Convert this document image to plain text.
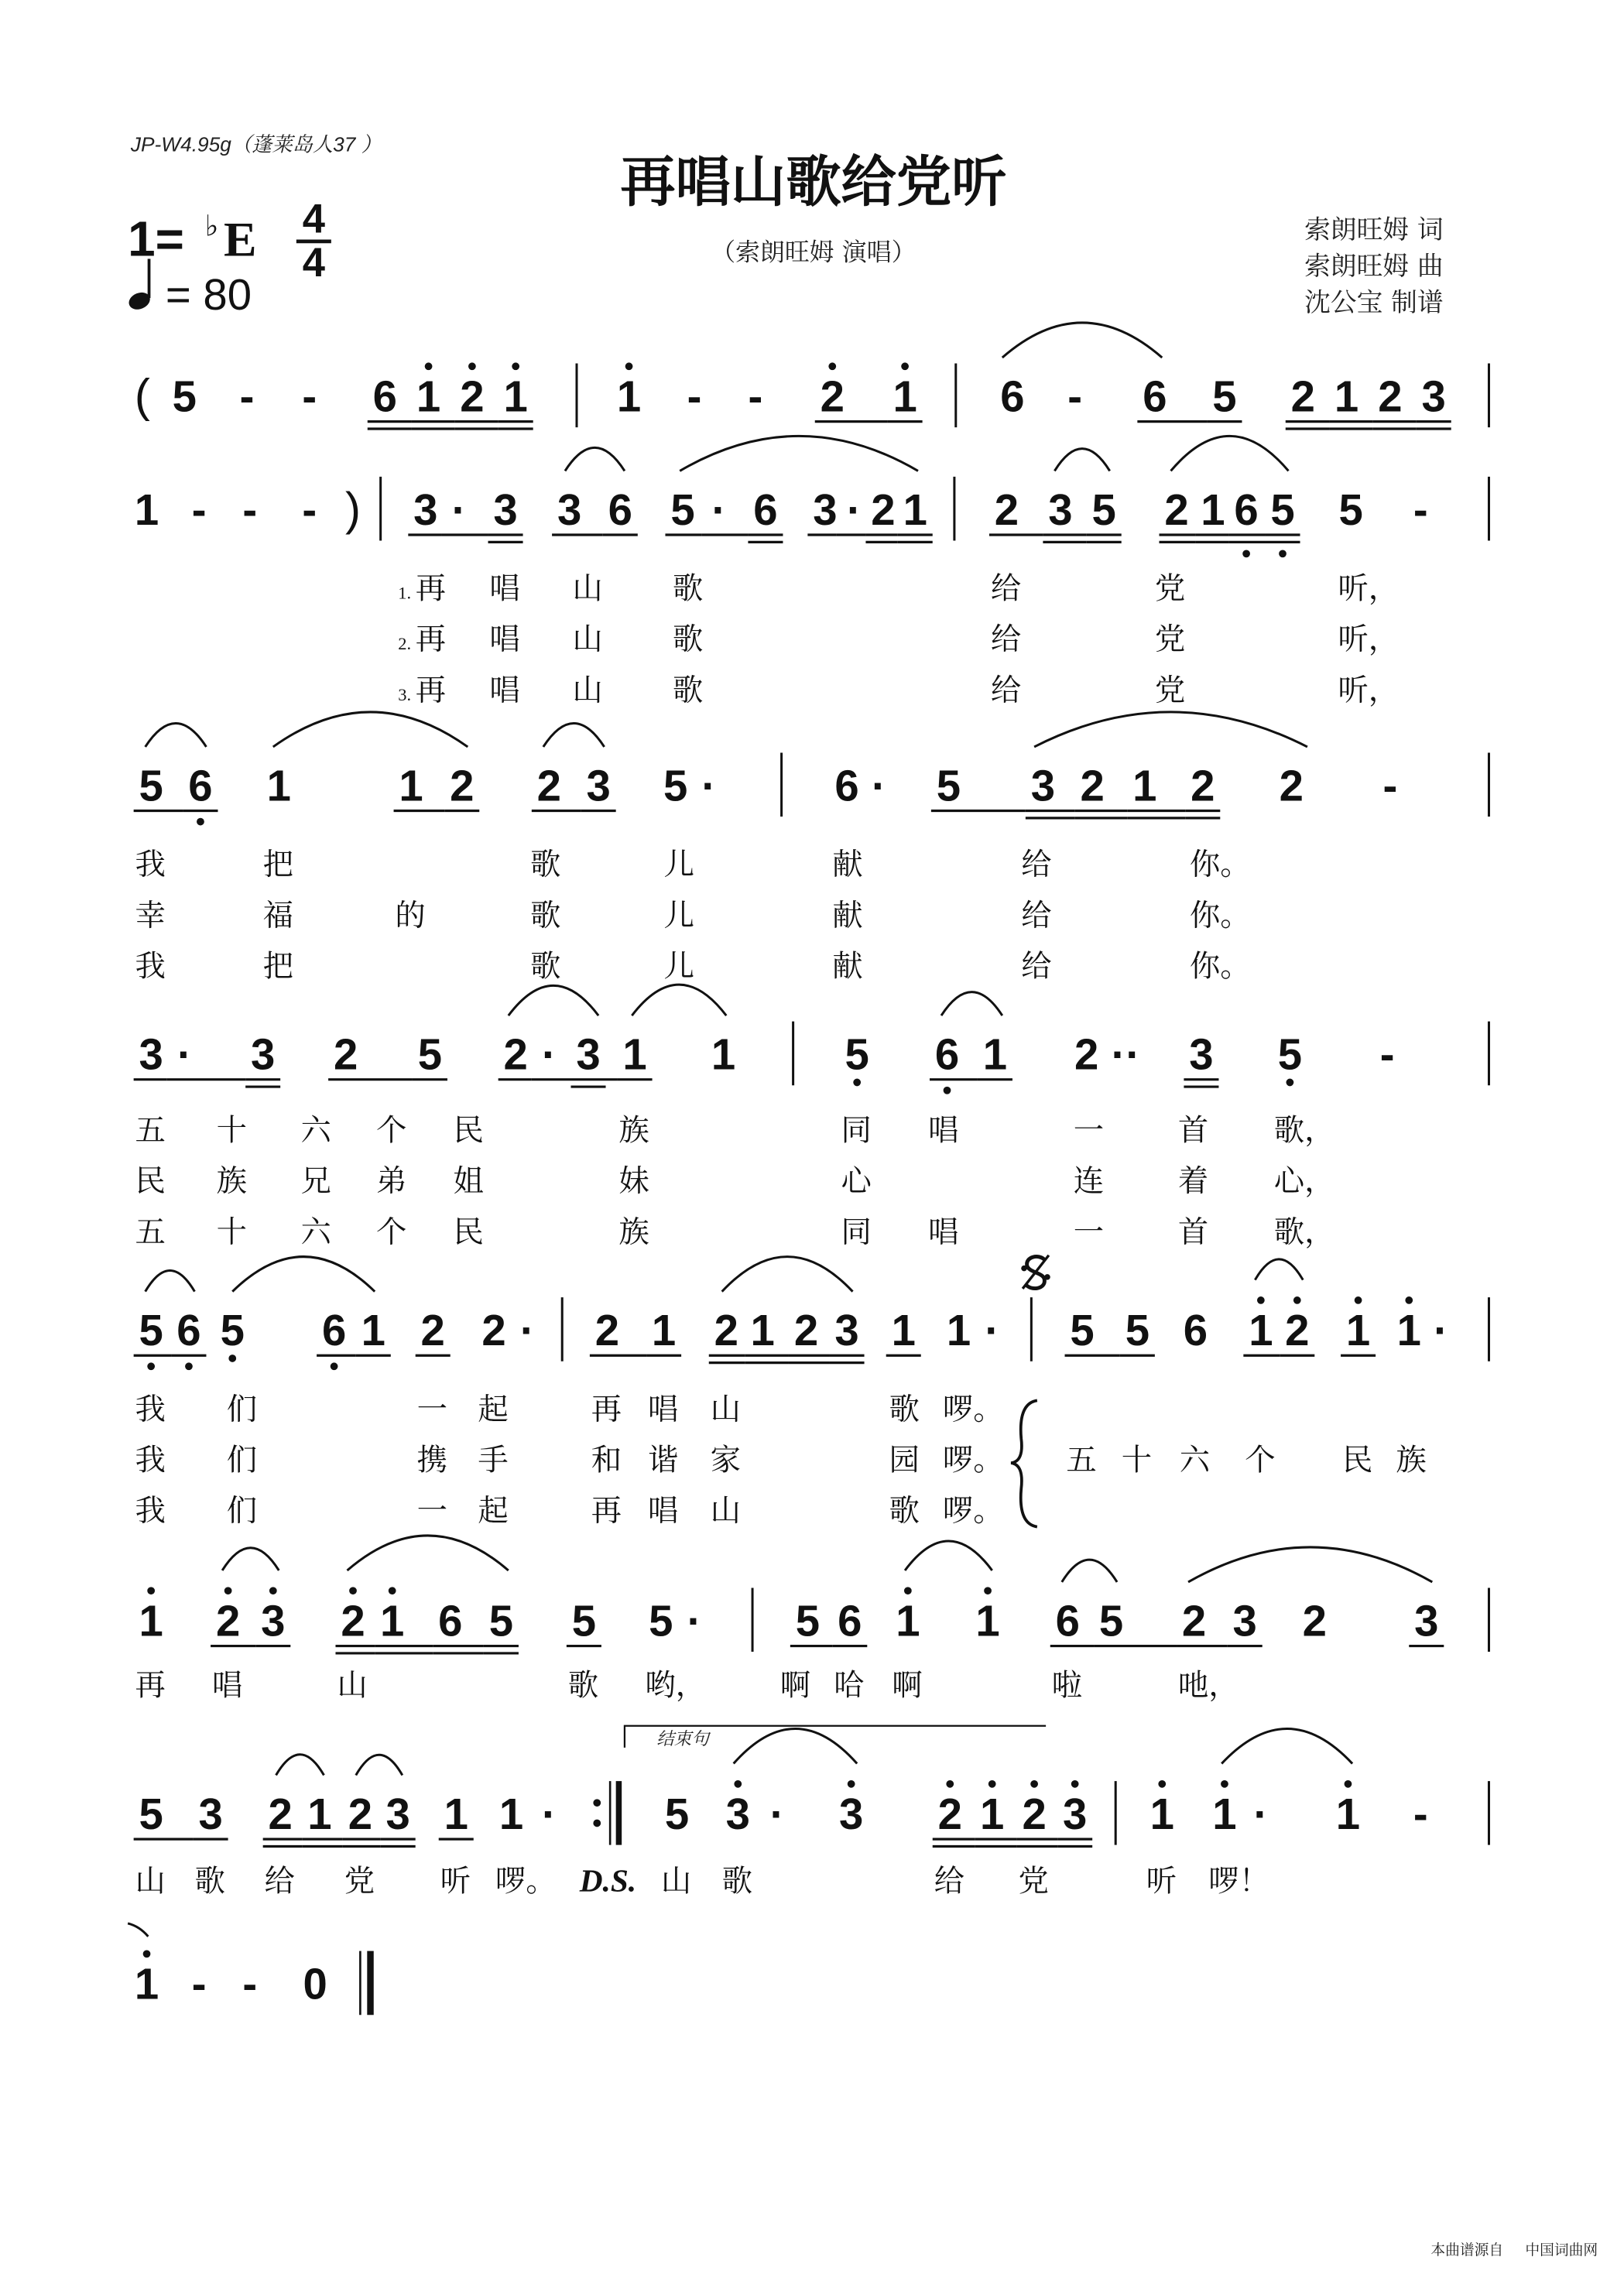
JP-W4.95g（蓬莱岛人37 ）
再唱山歌给党听
（索朗旺姆 演唱）
1= ♭ E 4
4
= 80
索朗旺姆 词
索朗旺姆 曲
沈公宝 制谱
结束句
( 5 - - 6 1 2 1	1 - - 2 1	6 -	6 5 2 1 2 3
1 - - - ) 3 · 3 3 6 5 · 6 3 · 2 1	2 3 5 2 1 6 5 5 -
1. 再	唱	山	歌	给	党	听，
2. 再	唱	山	歌	给	党	听，
3. 再	唱	山	歌	给	党	听，
5 6 1	1 2	2 3 5 ·	6 · 5	3 2 1 2	2	-
我	把	歌	儿	献	给	你。
幸	福	的	歌	儿	献	给	你。
我	把	歌	儿	献	给	你。
3 ·	3	2	5	2 · 3 1	1	5	6 1	2 ·· 3	5	-
五	十	六	个	民	族	同	唱	一	首	歌，
民	族	兄	弟	姐	妹	心	连	着	心，
五	十	六	个	民	族	同	唱	一	首	歌，
5 6 5	6 1 2 2 ·	2 1 2 1 2 3 1 1 ·	5 5 6 1 2 1 1 ·
我	们	一 起	再 唱 山	歌 啰。
我	们	携 手	和 谐 家	园 啰。
我	们	一 起	再 唱 山	歌 啰。
五 十 六 个	民 族
1 2 3 2 1 6 5	5 5 ·	5 6 1 1 6 5	2 3 2	3
再	唱	山	歌	哟，	啊 哈 啊	啦	吔，
5 3 2 1 2 3 1 1 ·	5 3 · 3	2 1 2 3	1 1 ·	1 -
山 歌 给	党	听 啰。 D.S. 山 歌	给	党	听 啰！
1 - - 0
本曲谱源自	中国词曲网
